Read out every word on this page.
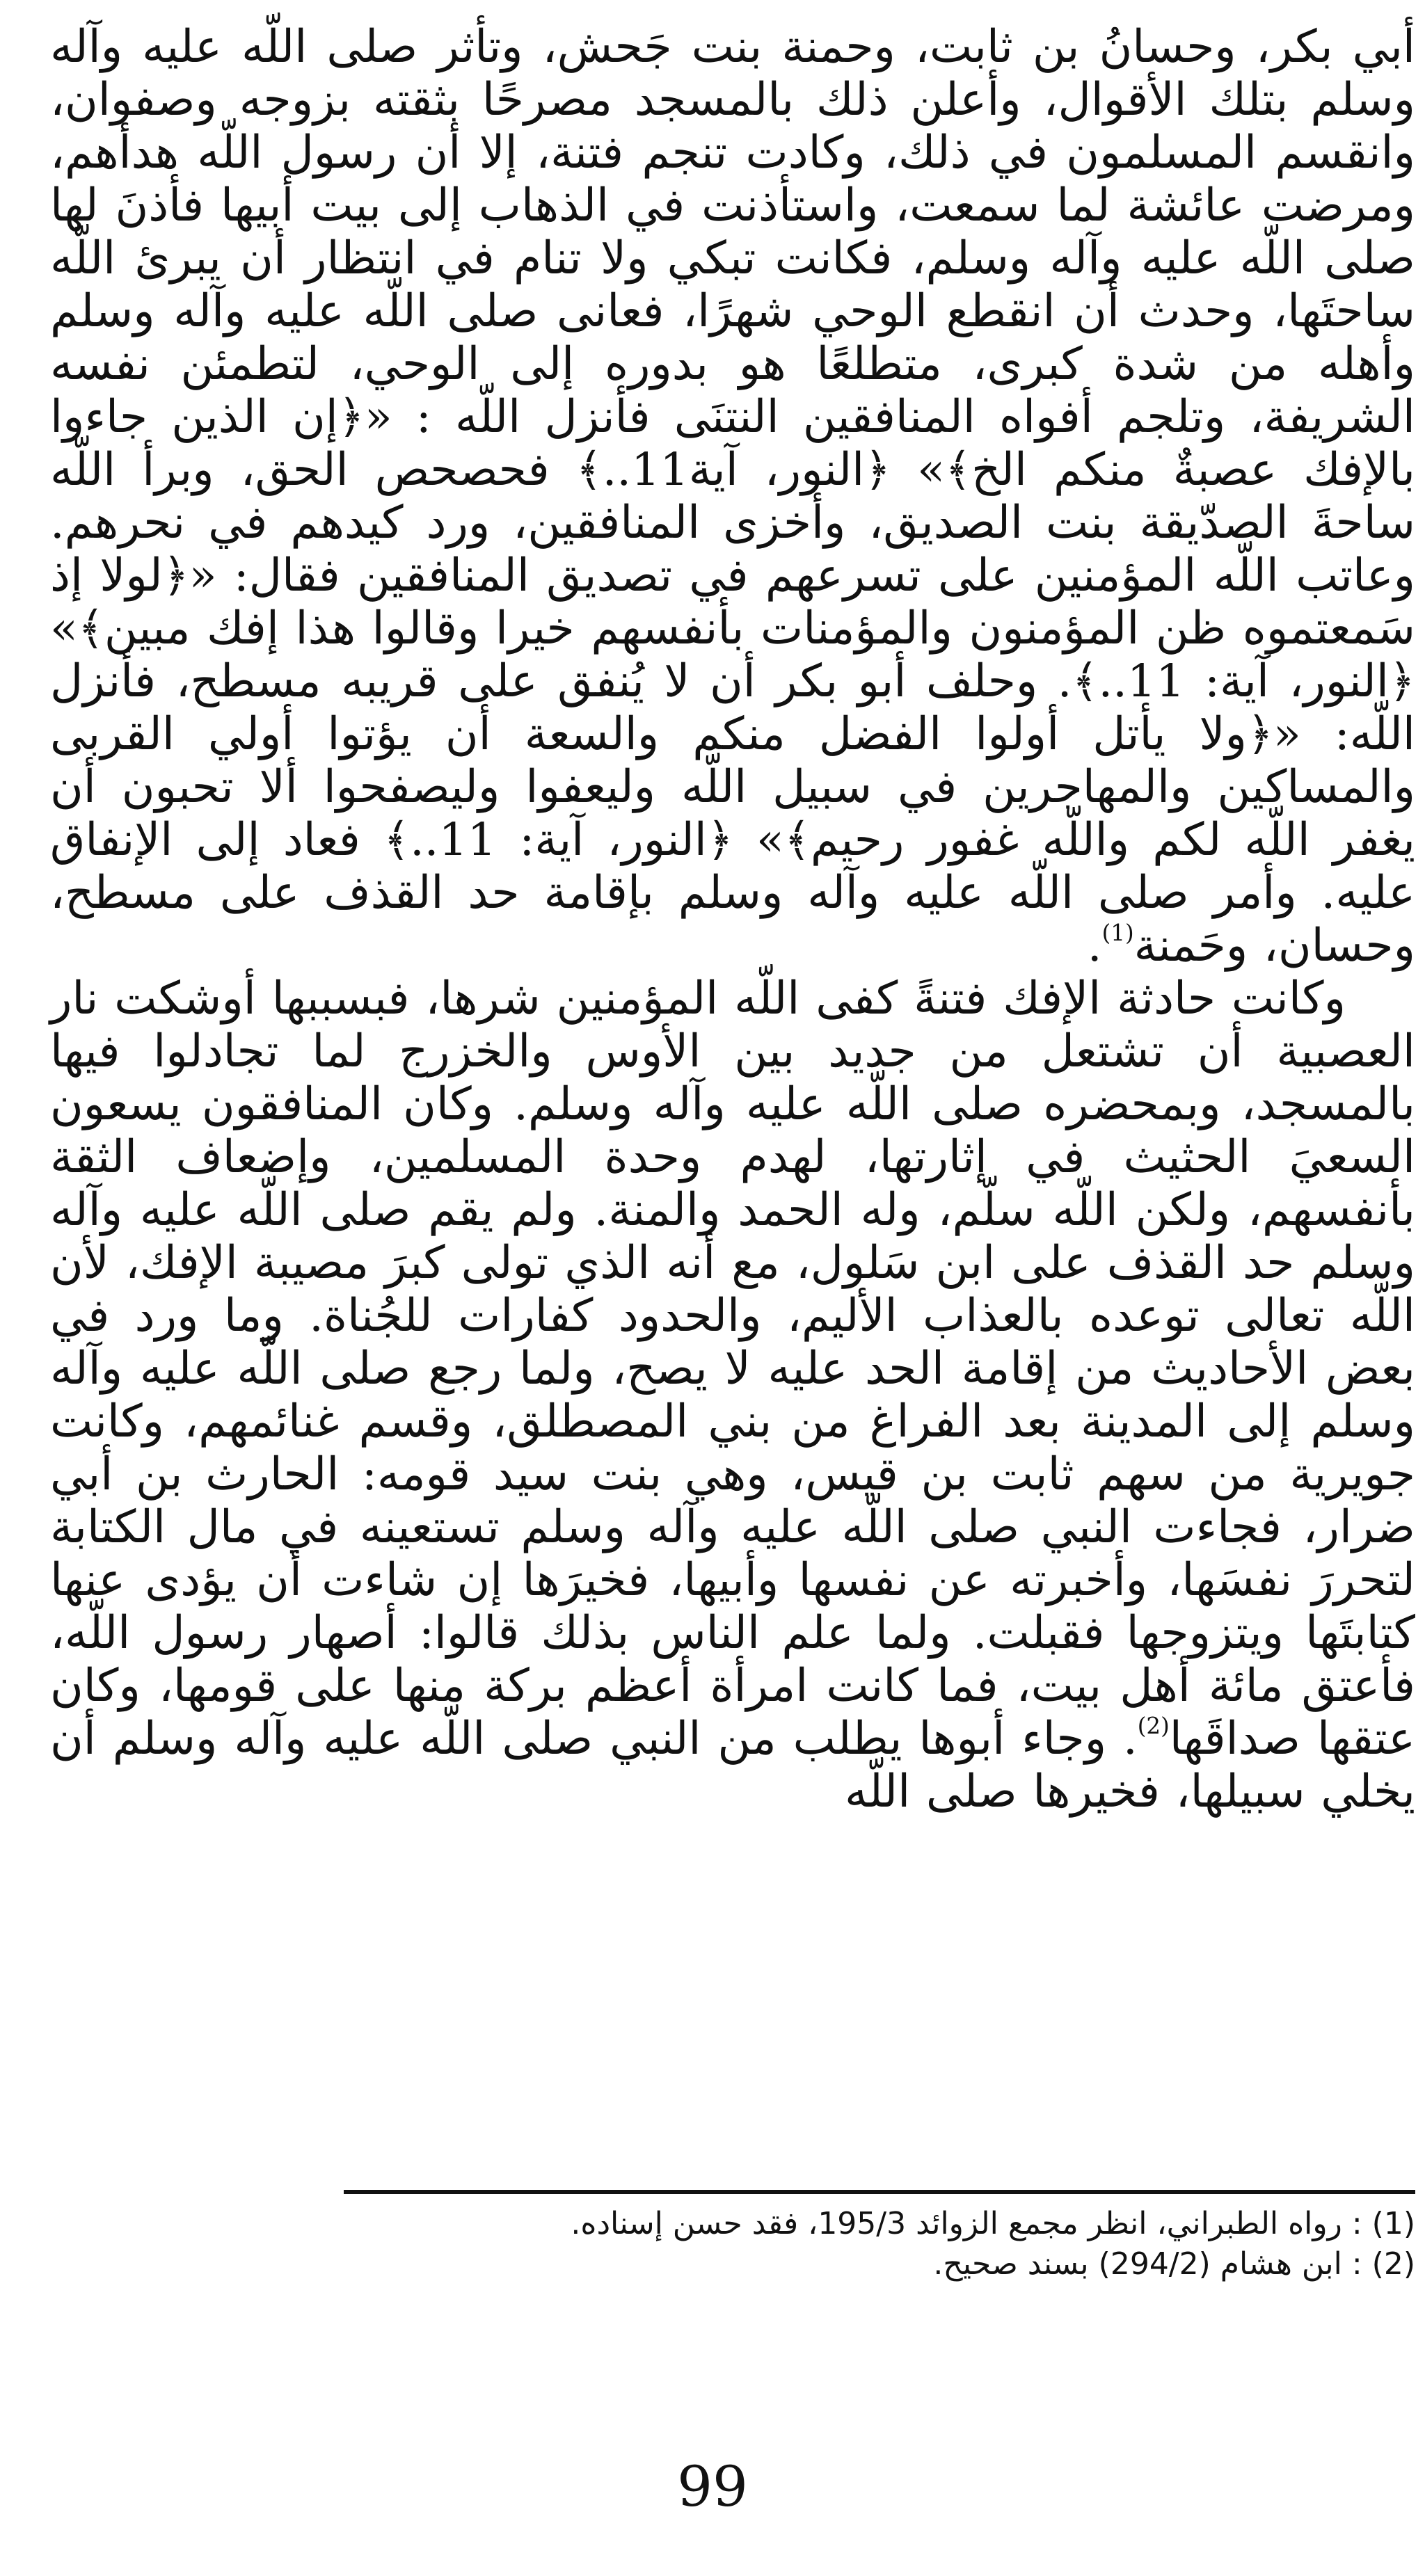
أبي بكر، وحسانُ بن ثابت، وحمنة بنت جَحش، وتأثر صلى اللّه عليه وآله وسلم بتلك الأقوال، وأعلن ذلك بالمسجد مصرحًا بثقته بزوجه وصفوان، وانقسم المسلمون في ذلك، وكادت تنجم فتنة، إلا أن رسول اللّه هدأهم، ومرضت عائشة لما سمعت، واستأذنت في الذهاب إلى بيت أبيها فأذنَ لها صلى اللّه عليه وآله وسلم، فكانت تبكي ولا تنام في انتظار أن يبرئ اللّه ساحتَها، وحدث أن انقطع الوحي شهرًا، فعانى صلى اللّه عليه وآله وسلم وأهله من شدة كبرى، متطلعًا هو بدوره إلى الوحي، لتطمئن نفسه الشريفة، وتلجم أفواه المنافقين النتنَى فأنزل اللّه : «﴿إن الذين جاءوا بالإفك عصبةٌ منكم الخ﴾» ﴿النور، آية11..﴾ فحصحص الحق، وبرأ اللّه ساحةَ الصدّيقة بنت الصديق، وأخزى المنافقين، ورد كيدهم في نحرهم. وعاتب اللّه المؤمنين على تسرعهم في تصديق المنافقين فقال: «﴿لولا إذ سَمعتموه ظن المؤمنون والمؤمنات بأنفسهم خيرا وقالوا هذا إفك مبين﴾» ﴿النور، آية: 11..﴾. وحلف أبو بكر أن لا يُنفق على قريبه مسطح، فأنزل اللّه: «﴿ولا يأتل أولوا الفضل منكم والسعة أن يؤتوا أولي القربى والمساكين والمهاجرين في سبيل اللّه وليعفوا وليصفحوا ألا تحبون أن يغفر اللّه لكم واللّه غفور رحيم﴾» ﴿النور، آية: 11..﴾ فعاد إلى الإنفاق عليه. وأمر صلى اللّه عليه وآله وسلم بإقامة حد القذف على مسطح، وحسان، وحَمنة$^{(1)}$.

وكانت حادثة الإفك فتنةً كفى اللّه المؤمنين شرها، فبسببها أوشكت نار العصبية أن تشتعل من جديد بين الأوس والخزرج لما تجادلوا فيها بالمسجد، وبمحضره صلى اللّه عليه وآله وسلم. وكان المنافقون يسعون السعيَ الحثيث في إثارتها، لهدم وحدة المسلمين، وإضعاف الثقة بأنفسهم، ولكن اللّه سلّم، وله الحمد والمنة. ولم يقم صلى اللّه عليه وآله وسلم حد القذف على ابن سَلول، مع أنه الذي تولى كبرَ مصيبة الإفك، لأن اللّه تعالى توعده بالعذاب الأليم، والحدود كفارات للجُناة. وما ورد في بعض الأحاديث من إقامة الحد عليه لا يصح، ولما رجع صلى اللّه عليه وآله وسلم إلى المدينة بعد الفراغ من بني المصطلق، وقسم غنائمهم، وكانت جويرية من سهم ثابت بن قيس، وهي بنت سيد قومه: الحارث بن أبي ضرار، فجاءت النبي صلى اللّه عليه وآله وسلم تستعينه في مال الكتابة لتحررَ نفسَها، وأخبرته عن نفسها وأبيها، فخيرَها إن شاءت أن يؤدى عنها كتابتَها ويتزوجها فقبلت. ولما علم الناس بذلك قالوا: أصهار رسول اللّه، فأعتق مائة أهل بيت، فما كانت امرأة أعظم بركة منها على قومها، وكان عتقها صداقَها$^{(2)}$. وجاء أبوها يطلب من النبي صلى اللّه عليه وآله وسلم أن يخلي سبيلها، فخيرها صلى اللّه

(1) : رواه الطبراني، انظر مجمع الزوائد 195/3، فقد حسن إسناده.

(2) : ابن هشام (294/2) بسند صحيح.

99
